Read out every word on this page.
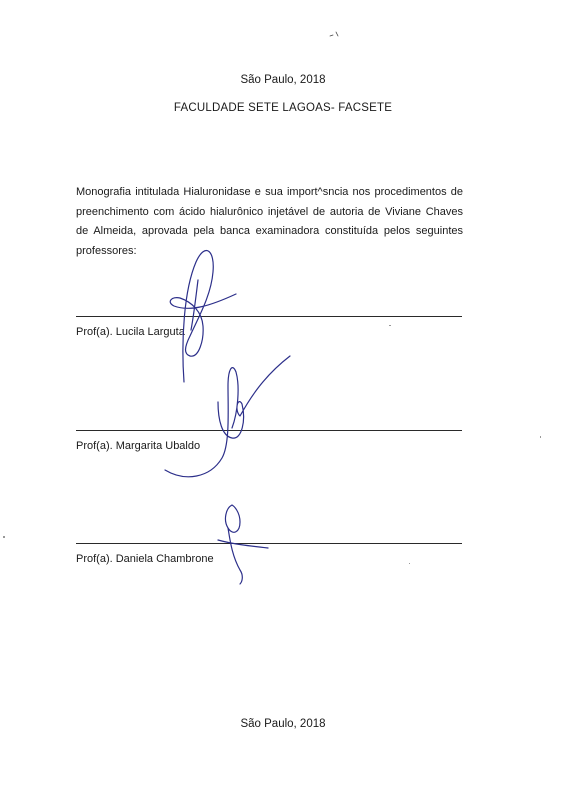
São Paulo, 2018
FACULDADE SETE LAGOAS- FACSETE
Monografia intitulada Hialuronidase e sua import^sncia nos procedimentos de preenchimento com ácido hialurônico injetável de autoria de Viviane Chaves de Almeida, aprovada pela banca examinadora constituída pelos seguintes professores:
Prof(a). Lucila Larguta
Prof(a). Margarita Ubaldo
Prof(a). Daniela Chambrone
São Paulo, 2018
